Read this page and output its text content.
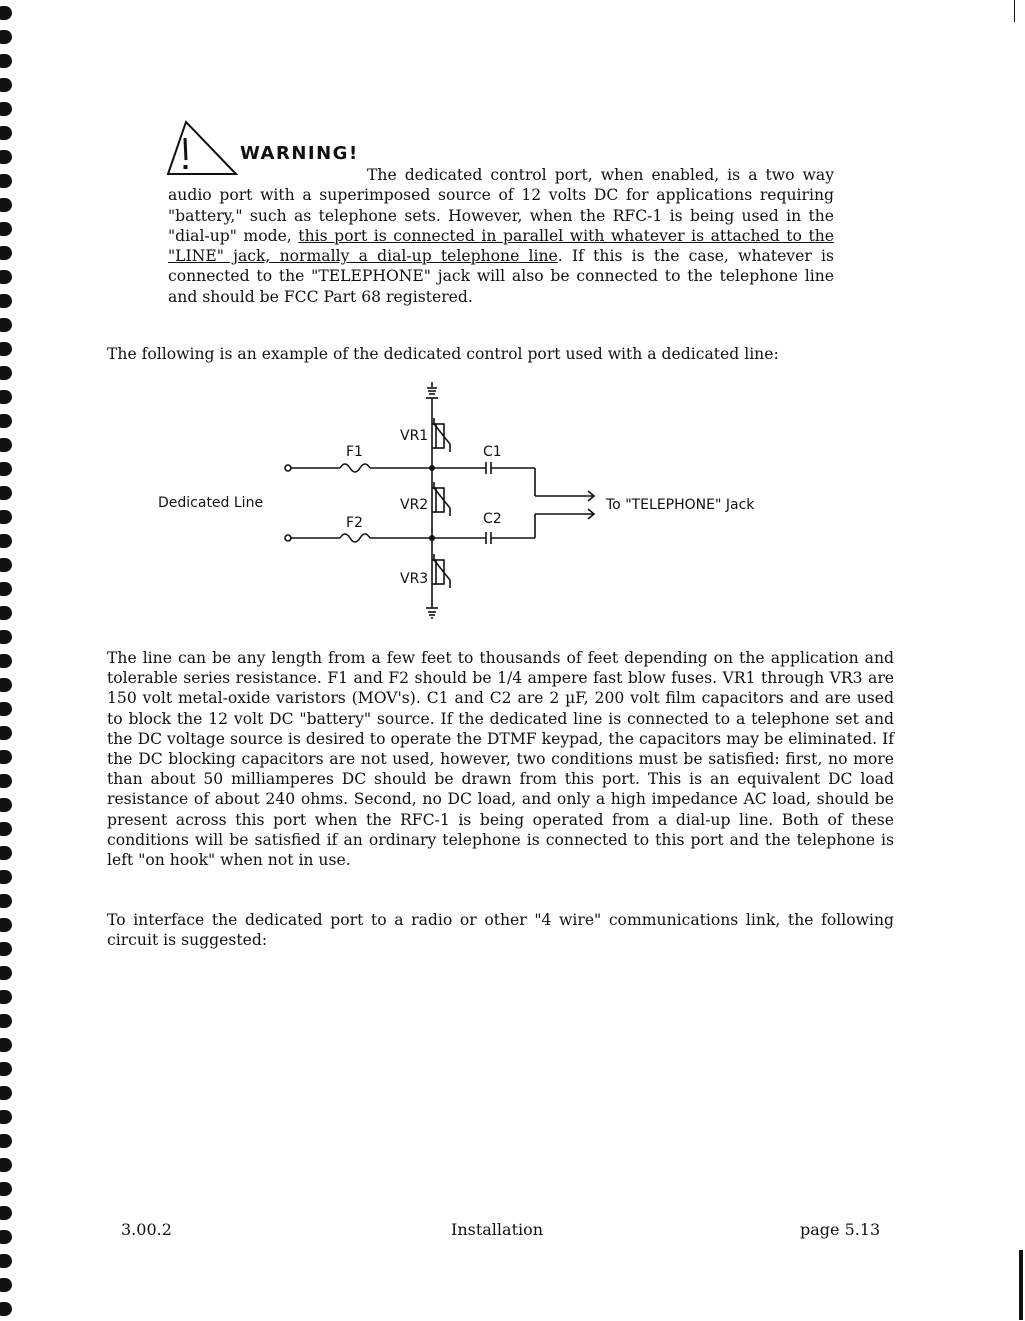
WARNING!
The dedicated control port, when enabled, is a two way audio port with a superimposed source of 12 volts DC for applications requiring "battery," such as telephone sets. However, when the RFC-1 is being used in the "dial-up" mode, this port is connected in parallel with whatever is attached to the "LINE" jack, normally a dial-up telephone line. If this is the case, whatever is connected to the "TELEPHONE" jack will also be connected to the telephone line and should be FCC Part 68 registered.
The following is an example of the dedicated control port used with a dedicated line:
VR1
F1	C1
Dedicated Line	VR2
F2	C2
To "TELEPHONE" Jack
VR3
The line can be any length from a few feet to thousands of feet depending on the application and tolerable series resistance. F1 and F2 should be 1/4 ampere fast blow fuses. VR1 through VR3 are 150 volt metal-oxide varistors (MOV's). C1 and C2 are 2 µF, 200 volt film capacitors and are used to block the 12 volt DC "battery" source. If the dedicated line is connected to a telephone set and the DC voltage source is desired to operate the DTMF keypad, the capacitors may be eliminated. If the DC blocking capacitors are not used, however, two conditions must be satisfied: first, no more than about 50 milliamperes DC should be drawn from this port. This is an equivalent DC load resistance of about 240 ohms. Second, no DC load, and only a high impedance AC load, should be present across this port when the RFC-1 is being operated from a dial-up line. Both of these conditions will be satisfied if an ordinary telephone is connected to this port and the telephone is left "on hook" when not in use.
To interface the dedicated port to a radio or other "4 wire" communications link, the following circuit is suggested:
3.00.2	Installation	page 5.13
